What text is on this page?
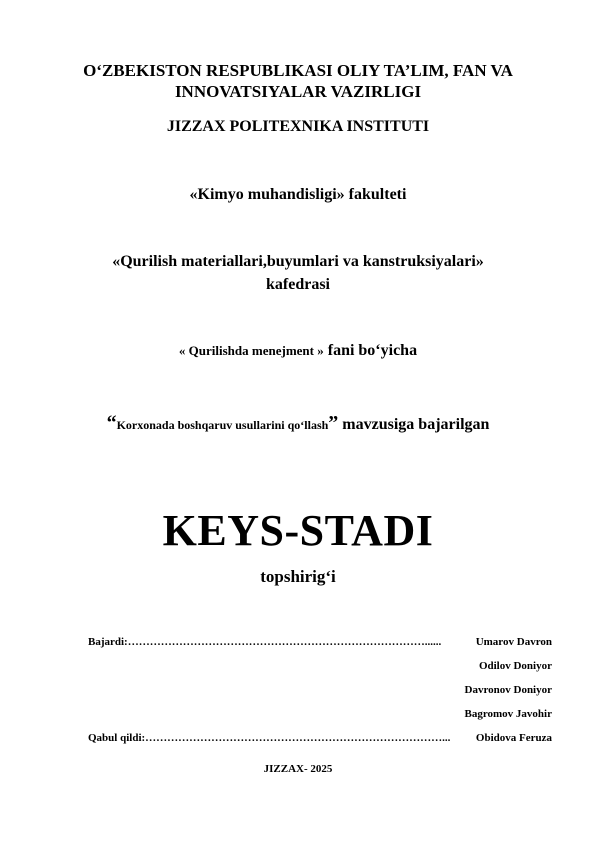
O‘ZBEKISTON RESPUBLIKASI OLIY TA’LIM, FAN VA
INNOVATSIYALAR VAZIRLIGI
JIZZAX POLITEXNIKA INSTITUTI
«Kimyo muhandisligi» fakulteti
«Qurilish materiallari,buyumlari va kanstruksiyalari»
kafedrasi
« Qurilishda menejment » fani bo‘yicha
“Korxonada boshqaruv usullarini qo‘llash” mavzusiga bajarilgan
KEYS-STADI
topshirig‘i
Bajardi:………………………………………………………………………......	Umarov Davron
Odilov Doniyor
Davronov Doniyor
Bagromov Javohir
Qabul qildi:………………………………………………………………………...	Obidova Feruza
JIZZAX- 2025
